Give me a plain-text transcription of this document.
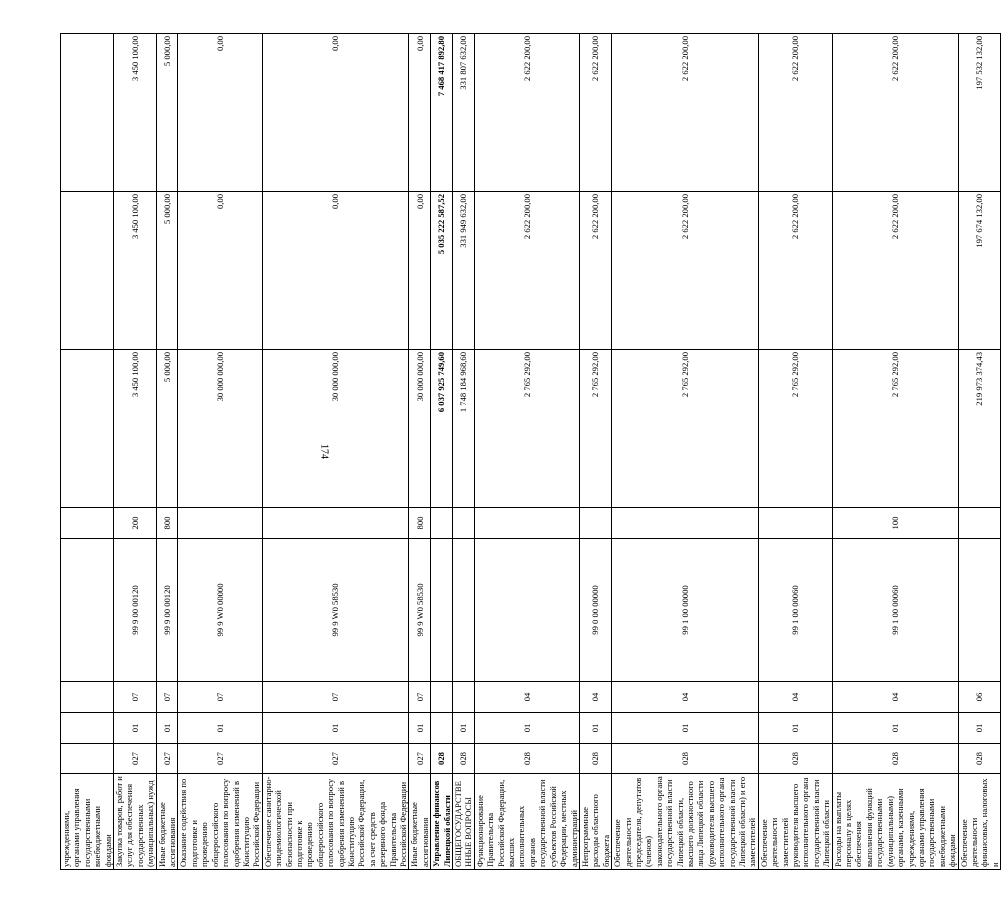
174
учреждениями, органами управления государственными внебюджетными фондами								
Закупка товаров, работ и услуг для обеспечения государственных (муниципальных) нужд	027	01	07	99 9 00 00120	200	3 450 100,00	3 450 100,00	3 450 100,00
Иные бюджетные ассигнования	027	01	07	99 9 00 00120	800	5 000,00	5 000,00	5 000,00
Оказание содействия по подготовке и проведению общероссийского голосования по вопросу одобрения изменений в Конституцию Российской Федерации	027	01	07	99 9 W0 00000		30 000 000,00	0,00	0,00
Обеспечение санитарно-эпидемиологической безопасности при подготовке к проведению общероссийского голосования по вопросу одобрения изменений в Конституцию Российской Федерации, за счет средств резервного фонда Правительства Российской Федерации	027	01	07	99 9 W0 58530		30 000 000,00	0,00	0,00
Иные бюджетные ассигнования	027	01	07	99 9 W0 58530	800	30 000 000,00	0,00	0,00
Управление финансов Липецкой области	028					6 037 925 749,60	5 035 222 587,52	7 468 417 892,80
ОБЩЕГОСУДАРСТВЕННЫЕ ВОПРОСЫ	028	01				1 748 184 968,60	331 949 632,00	331 807 632,00
Функционирование Правительства Российской Федерации, высших исполнительных органов государственной власти субъектов Российской Федерации, местных администраций	028	01	04			2 765 292,00	2 622 200,00	2 622 200,00
Непрограммные расходы областного бюджета	028	01	04	99 0 00 00000		2 765 292,00	2 622 200,00	2 622 200,00
Обеспечение деятельности председателя, депутатов (членов) законодательного органа государственной власти Липецкой области, высшего должностного лица Липецкой области (руководителя высшего исполнительного органа государственной власти Липецкой области) и его заместителей	028	01	04	99 1 00 00000		2 765 292,00	2 622 200,00	2 622 200,00
Обеспечение деятельности заместителей руководителя высшего исполнительного органа государственной власти Липецкой области	028	01	04	99 1 00 00060		2 765 292,00	2 622 200,00	2 622 200,00
Расходы на выплаты персоналу в целях обеспечения выполнения функций государственными (муниципальными) органами, казенными учреждениями, органами управления государственными внебюджетными фондами	028	01	04	99 1 00 00060	100	2 765 292,00	2 622 200,00	2 622 200,00
Обеспечение деятельности финансовых, налоговых и	028	01	06			219 973 374,43	197 674 132,00	197 532 132,00
